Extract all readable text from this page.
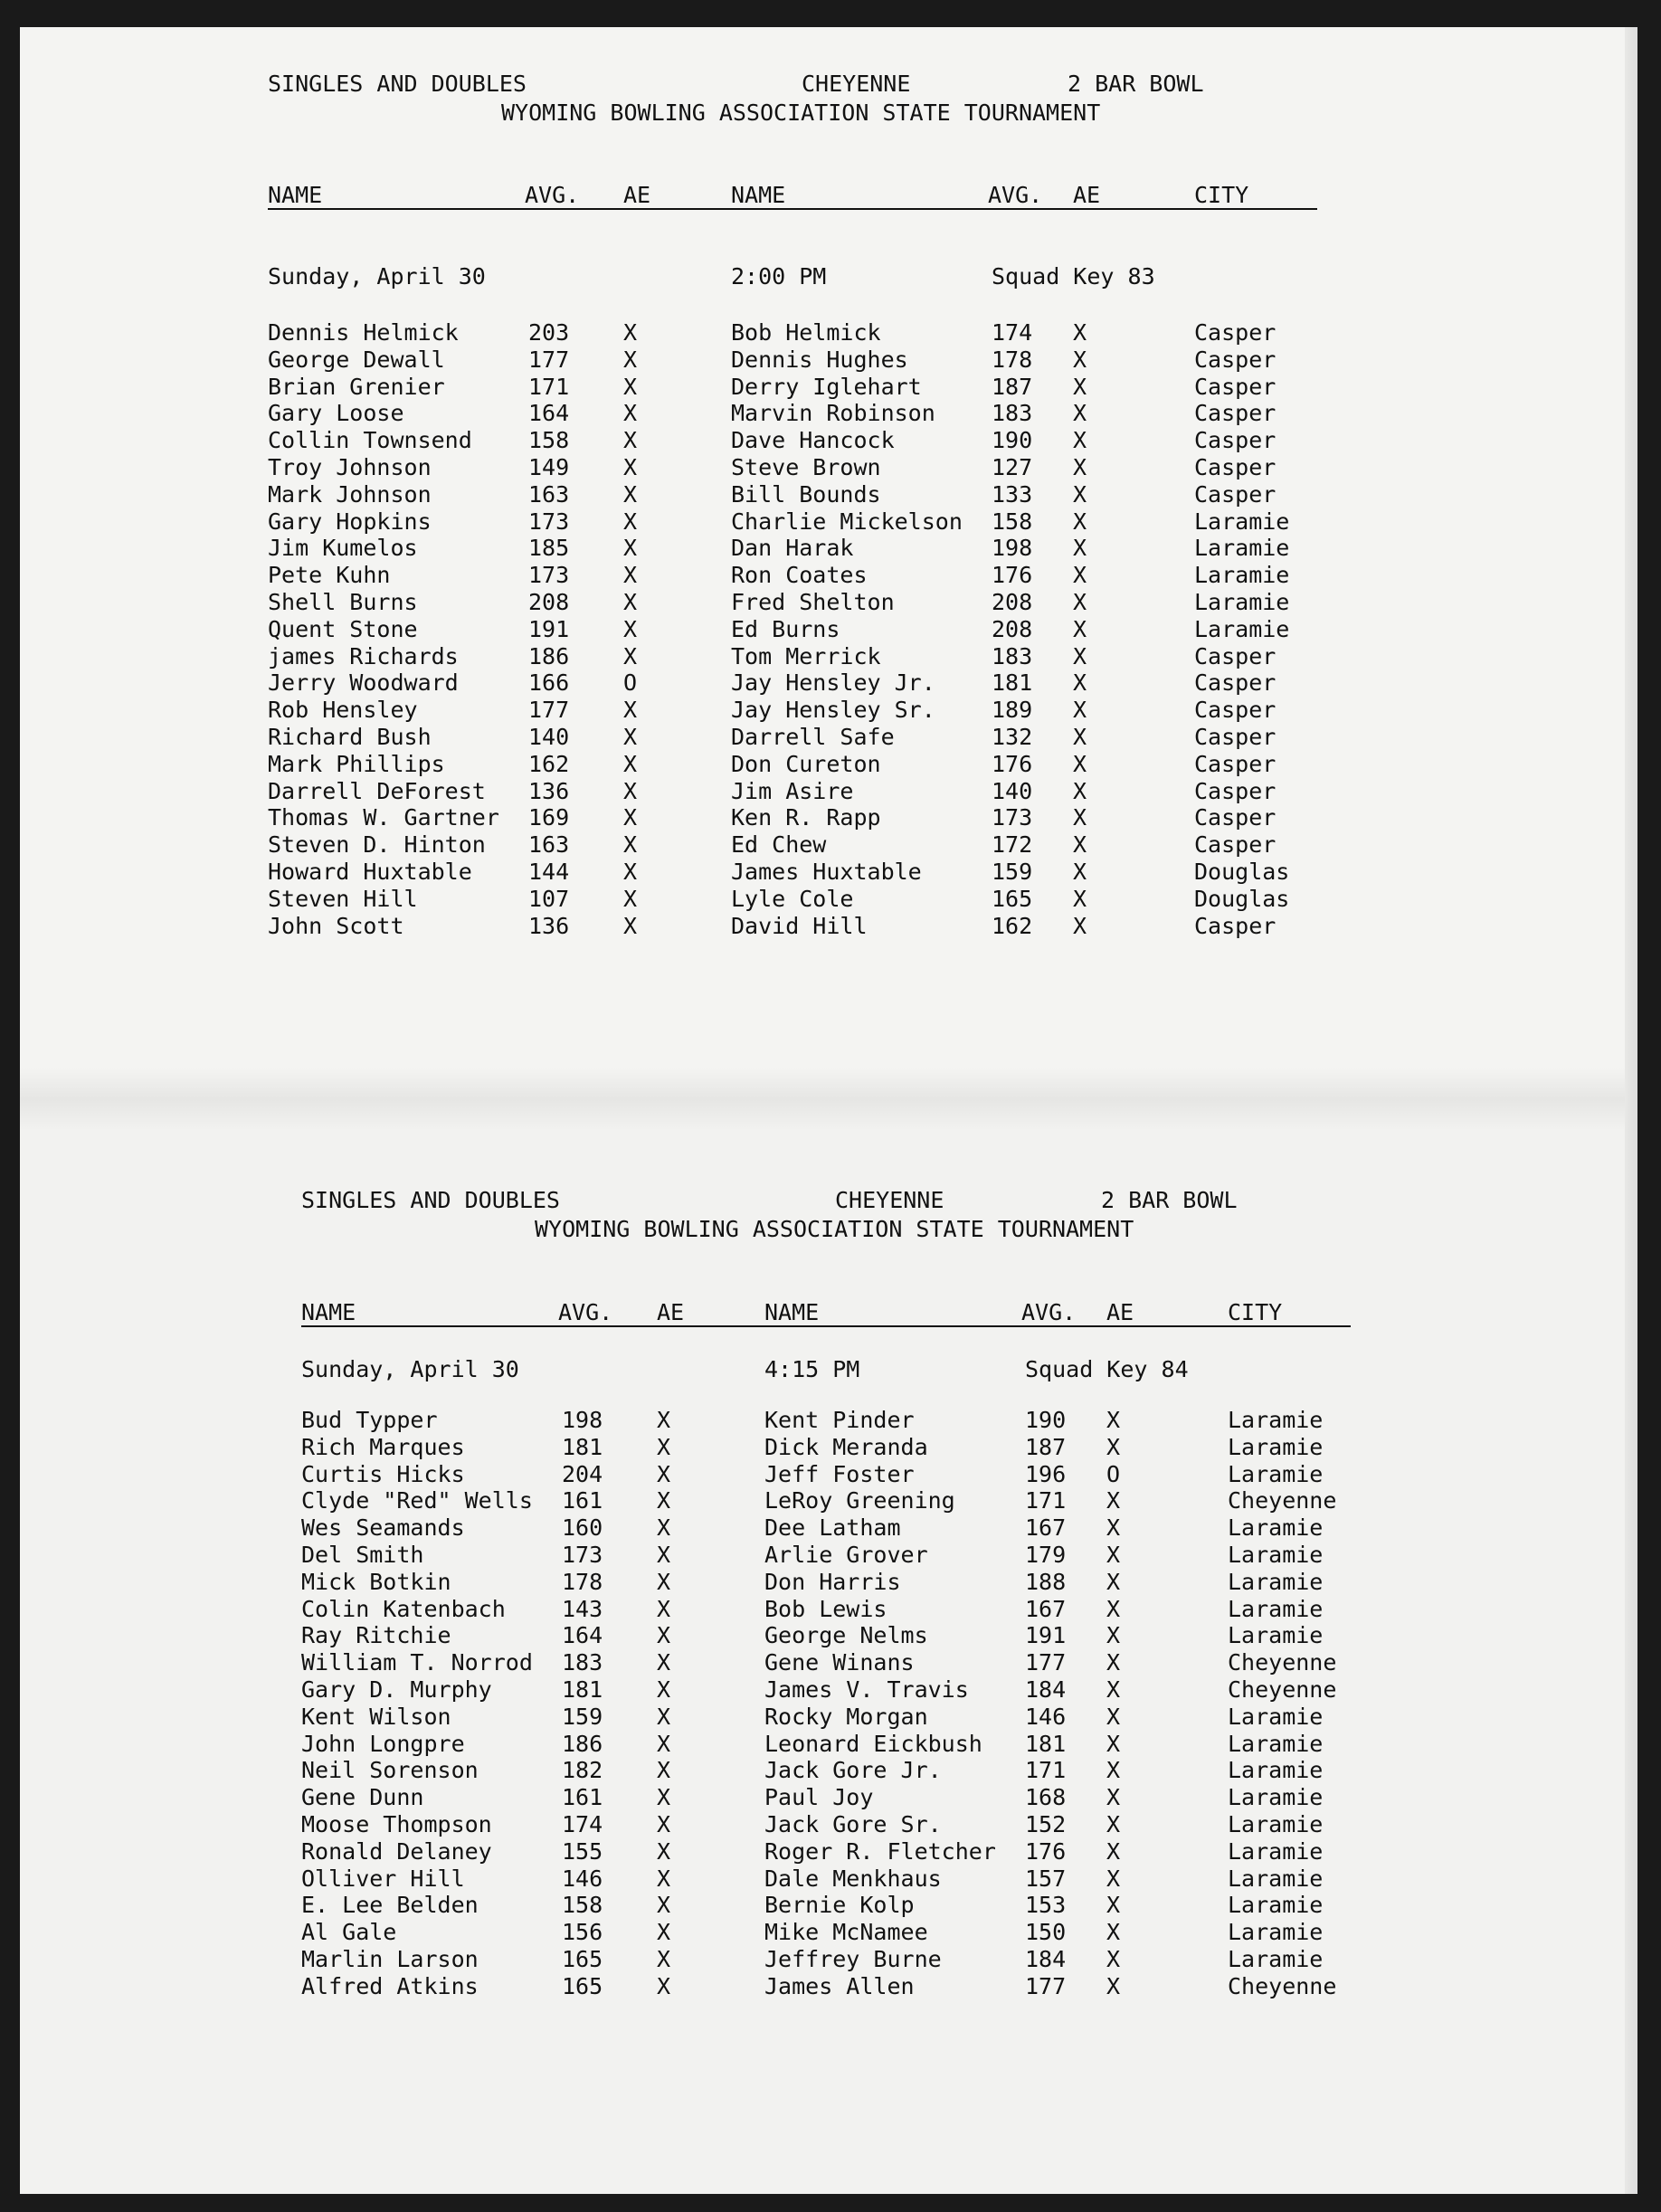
SINGLES AND DOUBLES	CHEYENNE	2 BAR BOWL
WYOMING BOWLING ASSOCIATION STATE TOURNAMENT
NAME	AVG. AE	NAME	AVG. AE	CITY
Sunday, April 30	2:00 PM	Squad Key 83
Dennis Helmick	203 X	Bob Helmick	174 X	Casper
George Dewall	177 X	Dennis Hughes	178 X	Casper
Brian Grenier	171 X	Derry Iglehart	187 X	Casper
Gary Loose	164 X	Marvin Robinson 183 X	Casper
Collin Townsend 158 X	Dave Hancock	190 X	Casper
Troy Johnson	149 X	Steve Brown	127 X	Casper
Mark Johnson	163 X	Bill Bounds	133 X	Casper
Gary Hopkins	173 X	Charlie Mickelson 158 X	Laramie
Jim Kumelos	185 X	Dan Harak	198 X	Laramie
Pete Kuhn	173 X	Ron Coates	176 X	Laramie
Shell Burns	208 X	Fred Shelton	208 X	Laramie
Quent Stone	191 X	Ed Burns	208 X	Laramie
james Richards	186 X	Tom Merrick	183 X	Casper
Jerry Woodward	166 O	Jay Hensley Jr. 181 X	Casper
Rob Hensley	177 X	Jay Hensley Sr. 189 X	Casper
Richard Bush	140 X	Darrell Safe	132 X	Casper
Mark Phillips	162 X	Don Cureton	176 X	Casper
Darrell DeForest 136 X	Jim Asire	140 X	Casper
Thomas W. Gartner 169 X	Ken R. Rapp	173 X	Casper
Steven D. Hinton 163 X	Ed Chew	172 X	Casper
Howard Huxtable 144 X	James Huxtable	159 X	Douglas
Steven Hill	107 X	Lyle Cole	165 X	Douglas
John Scott	136 X	David Hill	162 X	Casper
SINGLES AND DOUBLES	CHEYENNE	2 BAR BOWL
WYOMING BOWLING ASSOCIATION STATE TOURNAMENT
NAME	AVG. AE	NAME	AVG. AE	CITY
Sunday, April 30	4:15 PM	Squad Key 84
Bud Typper	198 X	Kent Pinder	190 X	Laramie
Rich Marques	181 X	Dick Meranda	187 X	Laramie
Curtis Hicks	204 X	Jeff Foster	196 O	Laramie
Clyde "Red" Wells 161 X	LeRoy Greening	171 X	Cheyenne
Wes Seamands	160 X	Dee Latham	167 X	Laramie
Del Smith	173 X	Arlie Grover	179 X	Laramie
Mick Botkin	178 X	Don Harris	188 X	Laramie
Colin Katenbach 143 X	Bob Lewis	167 X	Laramie
Ray Ritchie	164 X	George Nelms	191 X	Laramie
William T. Norrod 183 X	Gene Winans	177 X	Cheyenne
Gary D. Murphy	181 X	James V. Travis 184 X	Cheyenne
Kent Wilson	159 X	Rocky Morgan	146 X	Laramie
John Longpre	186 X	Leonard Eickbush 181 X	Laramie
Neil Sorenson	182 X	Jack Gore Jr.	171 X	Laramie
Gene Dunn	161 X	Paul Joy	168 X	Laramie
Moose Thompson	174 X	Jack Gore Sr.	152 X	Laramie
Ronald Delaney	155 X	Roger R. Fletcher 176 X	Laramie
Olliver Hill	146 X	Dale Menkhaus	157 X	Laramie
E. Lee Belden	158 X	Bernie Kolp	153 X	Laramie
Al Gale	156 X	Mike McNamee	150 X	Laramie
Marlin Larson	165 X	Jeffrey Burne	184 X	Laramie
Alfred Atkins	165 X	James Allen	177 X	Cheyenne
